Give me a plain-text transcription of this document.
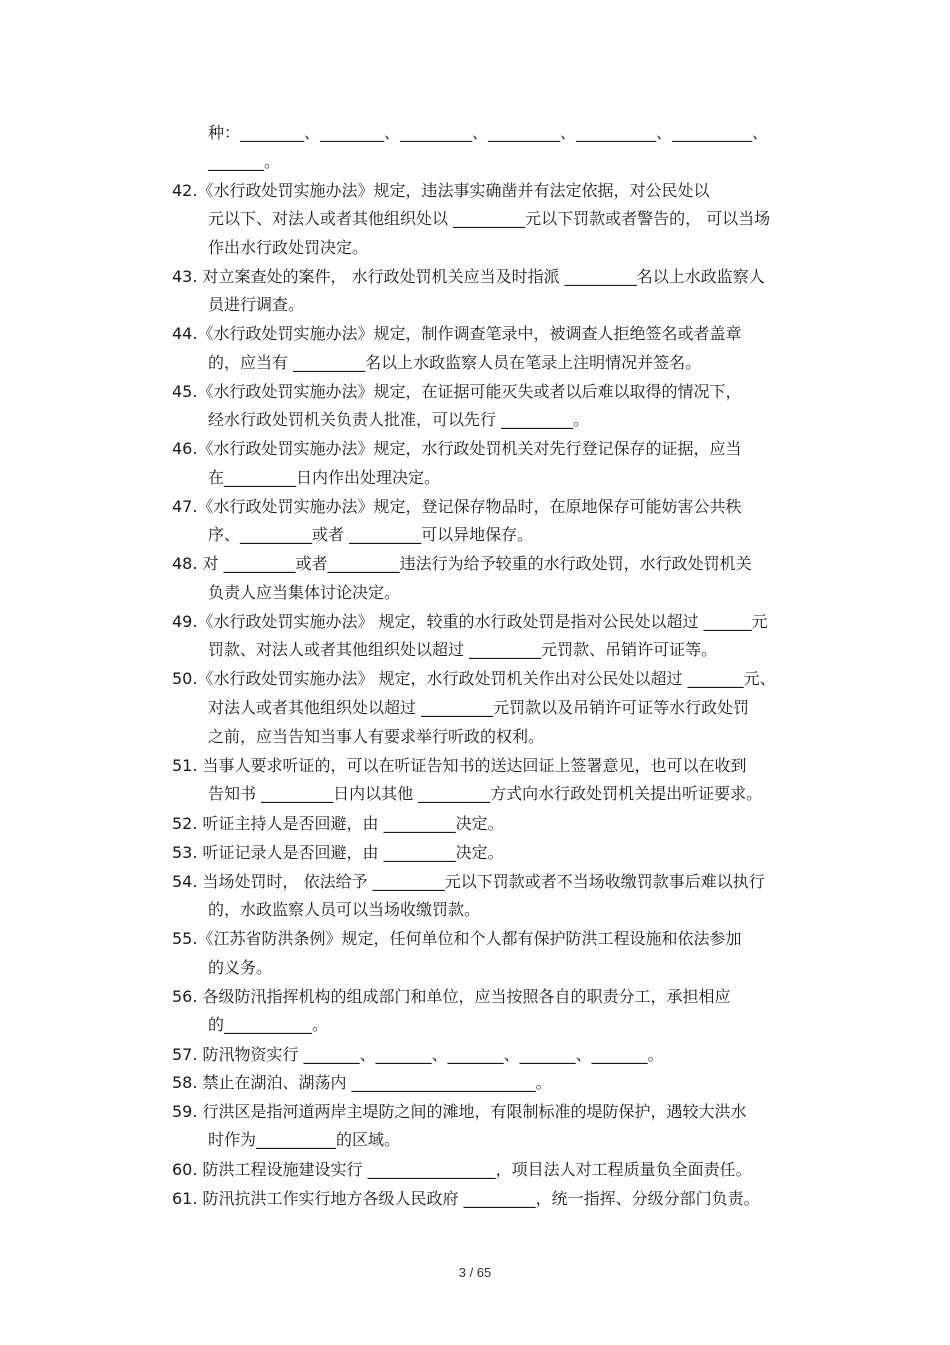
种：________、________、_________、_________、__________、__________、
_______。
42.《水行政处罚实施办法》规定，违法事实确凿并有法定依据，对公民处以
元以下、对法人或者其他组织处以 _________元以下罚款或者警告的， 可以当场
作出水行政处罚决定。
43. 对立案查处的案件， 水行政处罚机关应当及时指派 _________名以上水政监察人
员进行调查。
44.《水行政处罚实施办法》规定，制作调查笔录中，被调查人拒绝签名或者盖章
的，应当有 _________名以上水政监察人员在笔录上注明情况并签名。
45.《水行政处罚实施办法》规定，在证据可能灭失或者以后难以取得的情况下，
经水行政处罚机关负责人批准，可以先行 _________。
46.《水行政处罚实施办法》规定，水行政处罚机关对先行登记保存的证据，应当
在_________日内作出处理决定。
47.《水行政处罚实施办法》规定，登记保存物品时，在原地保存可能妨害公共秩
序、_________或者 _________可以异地保存。
48. 对 _________或者_________违法行为给予较重的水行政处罚，水行政处罚机关
负责人应当集体讨论决定。
49.《水行政处罚实施办法》 规定，较重的水行政处罚是指对公民处以超过 ______元
罚款、对法人或者其他组织处以超过 _________元罚款、吊销许可证等。
50.《水行政处罚实施办法》 规定，水行政处罚机关作出对公民处以超过 _______元、
对法人或者其他组织处以超过 _________元罚款以及吊销许可证等水行政处罚
之前，应当告知当事人有要求举行听政的权利。
51. 当事人要求听证的，可以在听证告知书的送达回证上签署意见，也可以在收到
告知书 _________日内以其他 _________方式向水行政处罚机关提出听证要求。
52. 听证主持人是否回避，由 _________决定。
53. 听证记录人是否回避，由 _________决定。
54. 当场处罚时， 依法给予 _________元以下罚款或者不当场收缴罚款事后难以执行
的，水政监察人员可以当场收缴罚款。
55.《江苏省防洪条例》规定，任何单位和个人都有保护防洪工程设施和依法参加
的义务。
56. 各级防汛指挥机构的组成部门和单位，应当按照各自的职责分工，承担相应
的___________。
57. 防汛物资实行 _______、_______、_______、_______、_______。
58. 禁止在湖泊、湖荡内 _______________________。
59. 行洪区是指河道两岸主堤防之间的滩地，有限制标准的堤防保护，遇较大洪水
时作为__________的区域。
60. 防洪工程设施建设实行 ________________，项目法人对工程质量负全面责任。
61. 防汛抗洪工作实行地方各级人民政府 _________，统一指挥、分级分部门负责。
3 / 65
